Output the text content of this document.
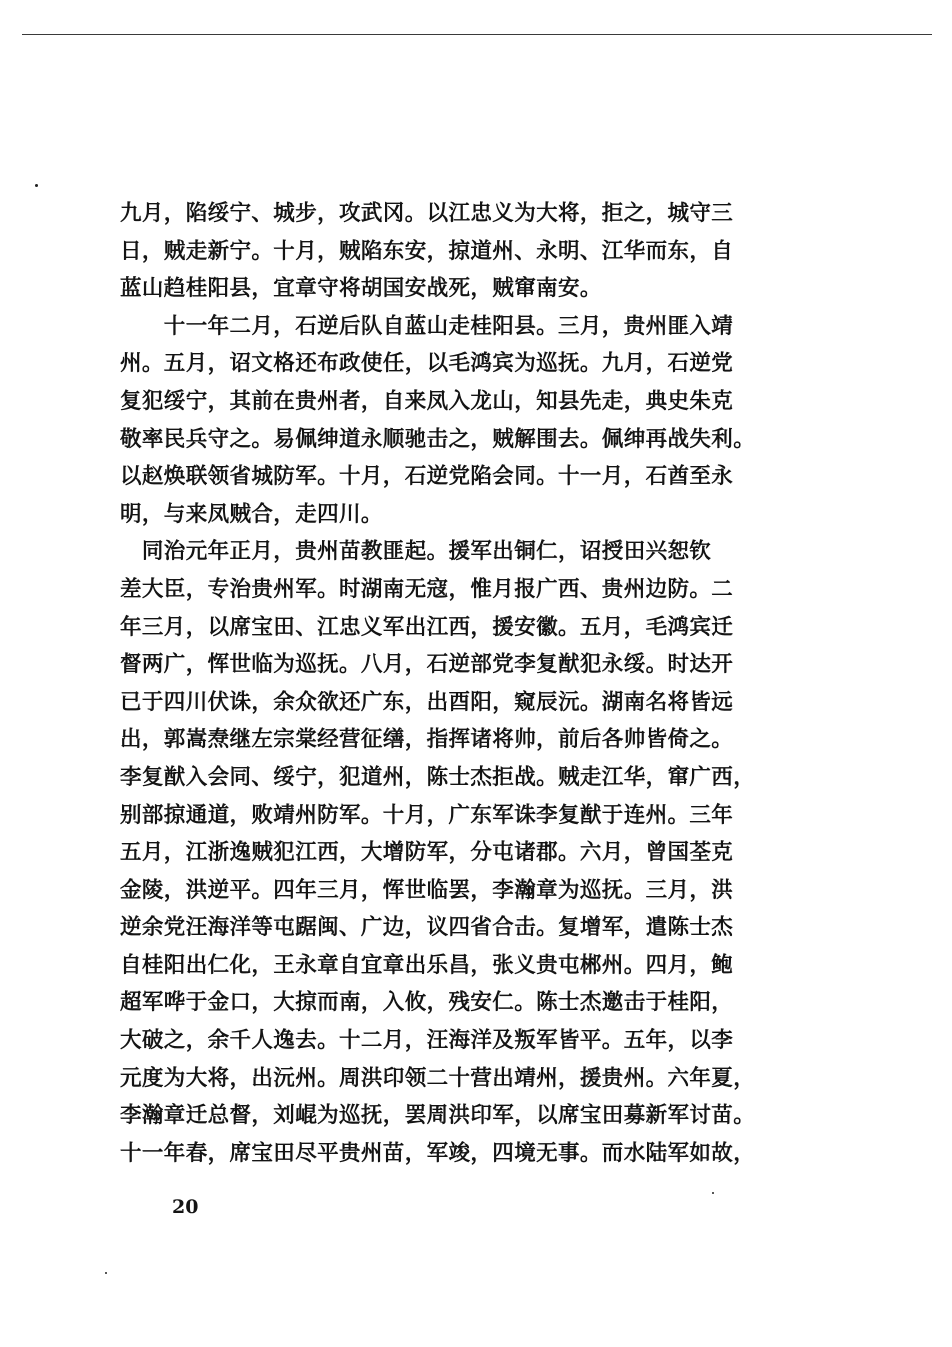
九月，陷绥宁、城步，攻武冈。以江忠义为大将，拒之，城守三
日，贼走新宁。十月，贼陷东安，掠道州、永明、江华而东，自
蓝山趋桂阳县，宜章守将胡国安战死，贼窜南安。
　　十一年二月，石逆后队自蓝山走桂阳县。三月，贵州匪入靖
州。五月，诏文格还布政使任，以毛鸿宾为巡抚。九月，石逆党
复犯绥宁，其前在贵州者，自来凤入龙山，知县先走，典史朱克
敬率民兵守之。易佩绅道永顺驰击之，贼解围去。佩绅再战失利。
以赵焕联领省城防军。十月，石逆党陷会同。十一月，石酋至永
明，与来凤贼合，走四川。
　同治元年正月，贵州苗教匪起。援军出铜仁，诏授田兴恕钦
差大臣，专治贵州军。时湖南无寇，惟月报广西、贵州边防。二
年三月，以席宝田、江忠义军出江西，援安徽。五月，毛鸿宾迁
督两广，恽世临为巡抚。八月，石逆部党李复猷犯永绥。时达开
已于四川伏诛，余众欲还广东，出酉阳，窥辰沅。湖南名将皆远
出，郭嵩焘继左宗棠经营征缮，指挥诸将帅，前后各帅皆倚之。
李复猷入会同、绥宁，犯道州，陈士杰拒战。贼走江华，窜广西，
别部掠通道，败靖州防军。十月，广东军诛李复猷于连州。三年
五月，江浙逸贼犯江西，大增防军，分屯诸郡。六月，曾国荃克
金陵，洪逆平。四年三月，恽世临罢，李瀚章为巡抚。三月，洪
逆余党汪海洋等屯踞闽、广边，议四省合击。复增军，遣陈士杰
自桂阳出仁化，王永章自宜章出乐昌，张义贵屯郴州。四月，鲍
超军哗于金口，大掠而南，入攸，残安仁。陈士杰邀击于桂阳，
大破之，余千人逸去。十二月，汪海洋及叛军皆平。五年，以李
元度为大将，出沅州。周洪印领二十营出靖州，援贵州。六年夏，
李瀚章迁总督，刘崐为巡抚，罢周洪印军，以席宝田募新军讨苗。
十一年春，席宝田尽平贵州苗，军竣，四境无事。而水陆军如故，
20
